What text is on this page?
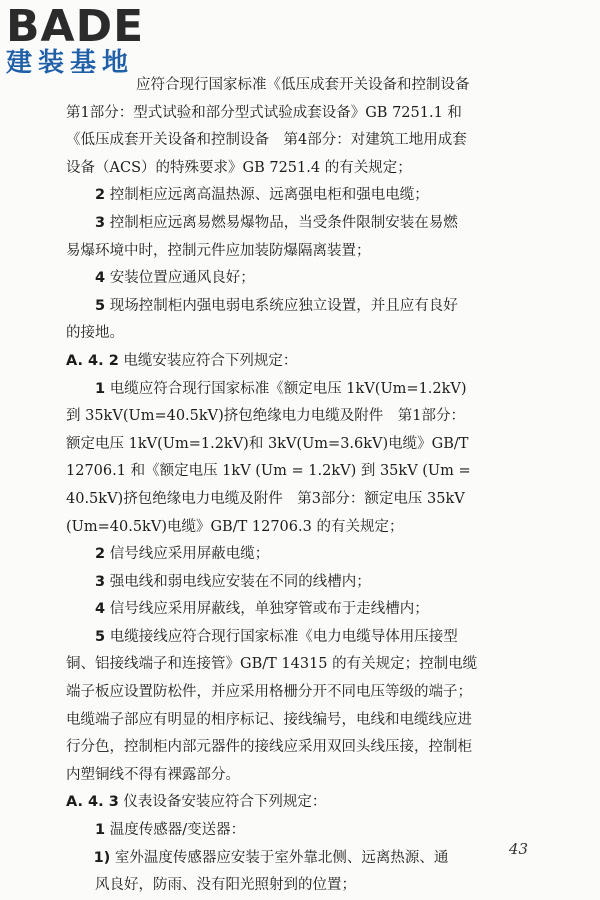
BADE
建装基地

应符合现行国家标准《低压成套开关设备和控制设备

第1部分：型式试验和部分型式试验成套设备》GB 7251.1 和

《低压成套开关设备和控制设备　第4部分：对建筑工地用成套

设备（ACS）的特殊要求》GB 7251.4 的有关规定；

2 控制柜应远离高温热源、远离强电柜和强电电缆；

3 控制柜应远离易燃易爆物品，当受条件限制安装在易燃

易爆环境中时，控制元件应加装防爆隔离装置；

4 安装位置应通风良好；

5 现场控制柜内强电弱电系统应独立设置，并且应有良好

的接地。

A. 4. 2 电缆安装应符合下列规定：

1 电缆应符合现行国家标准《额定电压 1kV(Um=1.2kV)

到 35kV(Um=40.5kV)挤包绝缘电力电缆及附件　第1部分：

额定电压 1kV(Um=1.2kV)和 3kV(Um=3.6kV)电缆》GB/T

12706.1 和《额定电压 1kV (Um = 1.2kV) 到 35kV (Um =

40.5kV)挤包绝缘电力电缆及附件　第3部分：额定电压 35kV

(Um=40.5kV)电缆》GB/T 12706.3 的有关规定；

2 信号线应采用屏蔽电缆；

3 强电线和弱电线应安装在不同的线槽内；

4 信号线应采用屏蔽线，单独穿管或布于走线槽内；

5 电缆接线应符合现行国家标准《电力电缆导体用压接型

铜、铝接线端子和连接管》GB/T 14315 的有关规定；控制电缆

端子板应设置防松件，并应采用格栅分开不同电压等级的端子；

电缆端子部应有明显的相序标记、接线编号，电线和电缆线应进

行分色，控制柜内部元器件的接线应采用双回头线压接，控制柜

内塑铜线不得有裸露部分。

A. 4. 3 仪表设备安装应符合下列规定：

1 温度传感器/变送器：

1) 室外温度传感器应安装于室外靠北侧、远离热源、通

　　风良好，防雨、没有阳光照射到的位置；

43
